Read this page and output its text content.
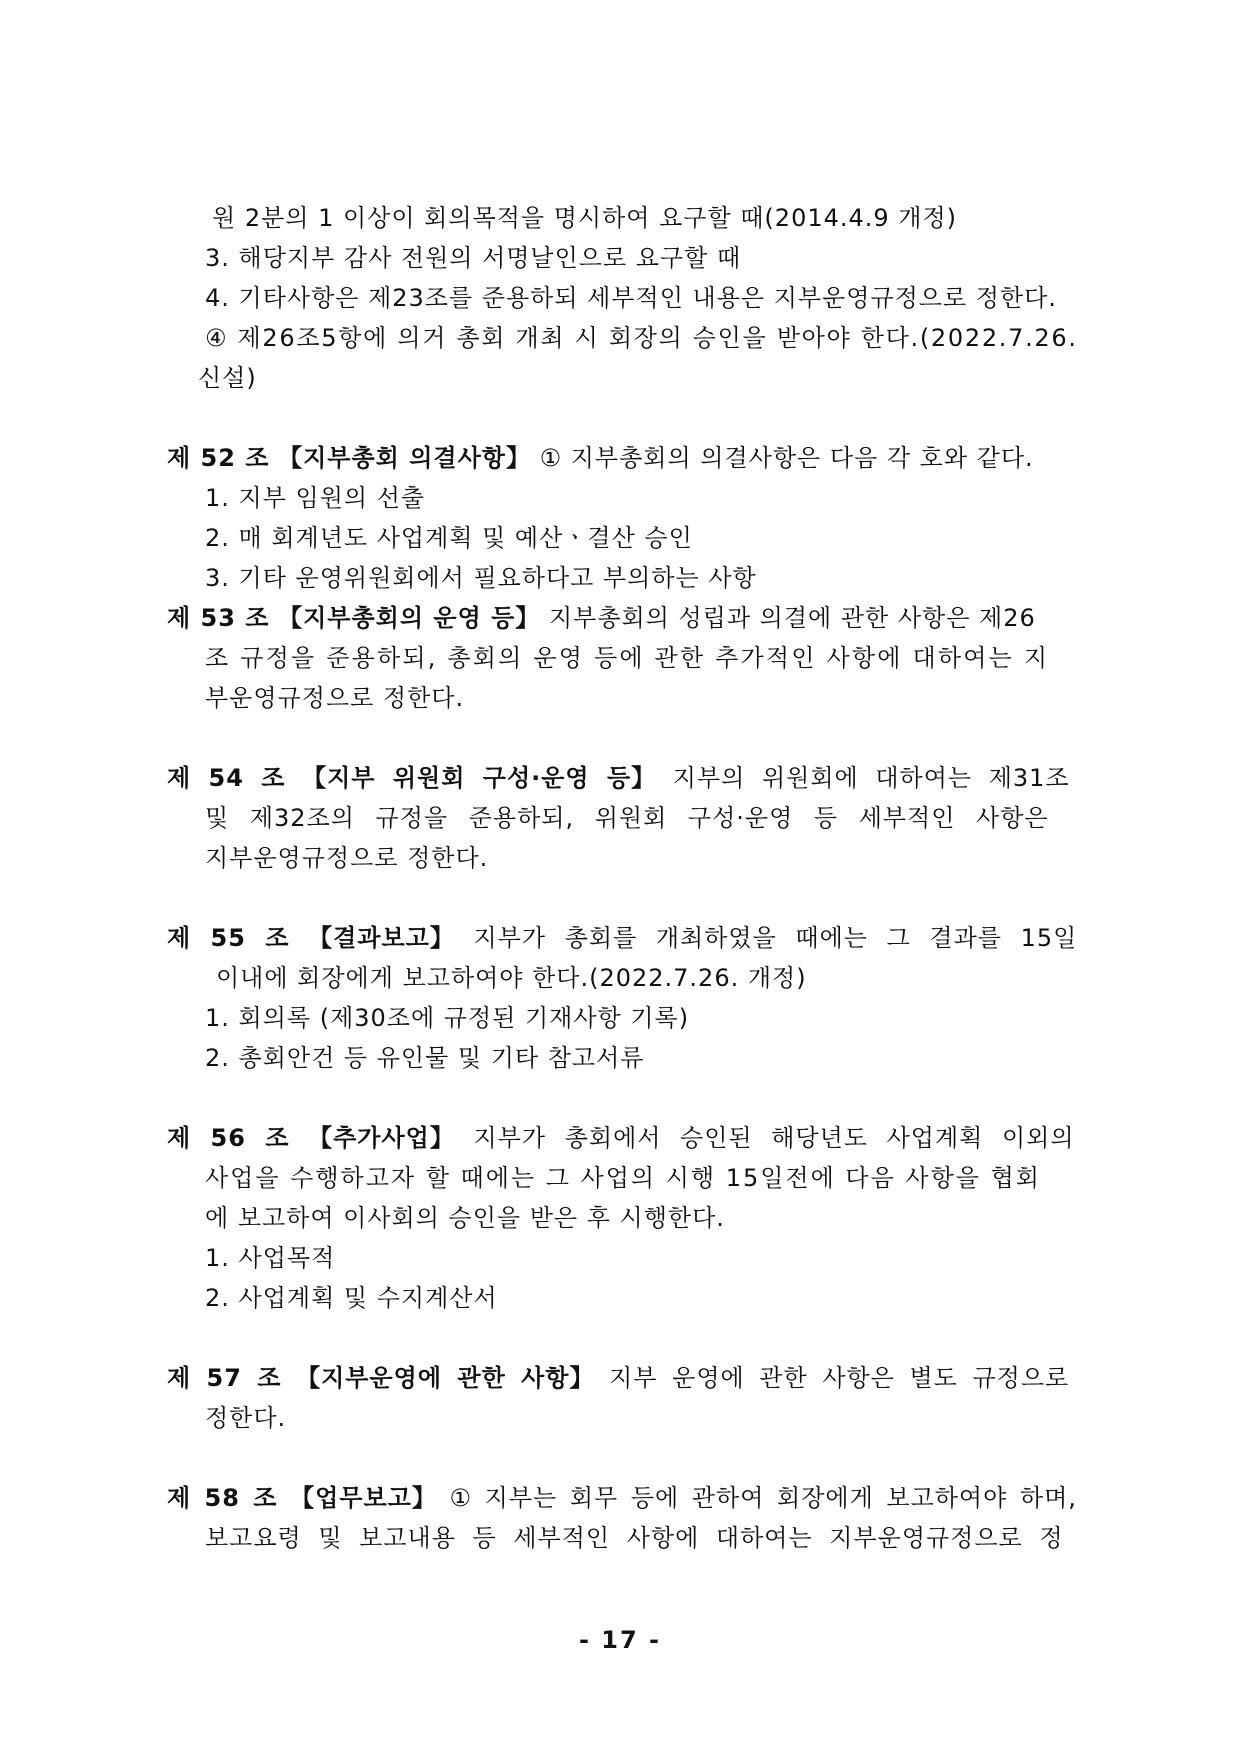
원 2분의 1 이상이 회의목적을 명시하여 요구할 때(2014.4.9 개정)
3. 해당지부 감사 전원의 서명날인으로 요구할 때
4. 기타사항은 제23조를 준용하되 세부적인 내용은 지부운영규정으로 정한다.
④ 제26조5항에 의거 총회 개최 시 회장의 승인을 받아야 한다.(2022.7.26.
신설)
제 52 조 【지부총회 의결사항】 ① 지부총회의 의결사항은 다음 각 호와 같다.
1. 지부 임원의 선출
2. 매 회계년도 사업계획 및 예산ㆍ결산 승인
3. 기타 운영위원회에서 필요하다고 부의하는 사항
제 53 조 【지부총회의 운영 등】 지부총회의 성립과 의결에 관한 사항은 제26
조 규정을 준용하되, 총회의 운영 등에 관한 추가적인 사항에 대하여는 지
부운영규정으로 정한다.
제 54 조 【지부 위원회 구성·운영 등】 지부의 위원회에 대하여는 제31조
및 제32조의 규정을 준용하되, 위원회 구성·운영 등 세부적인 사항은
지부운영규정으로 정한다.
제 55 조 【결과보고】 지부가 총회를 개최하였을 때에는 그 결과를 15일
이내에 회장에게 보고하여야 한다.(2022.7.26. 개정)
1. 회의록 (제30조에 규정된 기재사항 기록)
2. 총회안건 등 유인물 및 기타 참고서류
제 56 조 【추가사업】 지부가 총회에서 승인된 해당년도 사업계획 이외의
사업을 수행하고자 할 때에는 그 사업의 시행 15일전에 다음 사항을 협회
에 보고하여 이사회의 승인을 받은 후 시행한다.
1. 사업목적
2. 사업계획 및 수지계산서
제 57 조 【지부운영에 관한 사항】 지부 운영에 관한 사항은 별도 규정으로
정한다.
제 58 조 【업무보고】 ① 지부는 회무 등에 관하여 회장에게 보고하여야 하며,
보고요령 및 보고내용 등 세부적인 사항에 대하여는 지부운영규정으로 정
- 17 -
